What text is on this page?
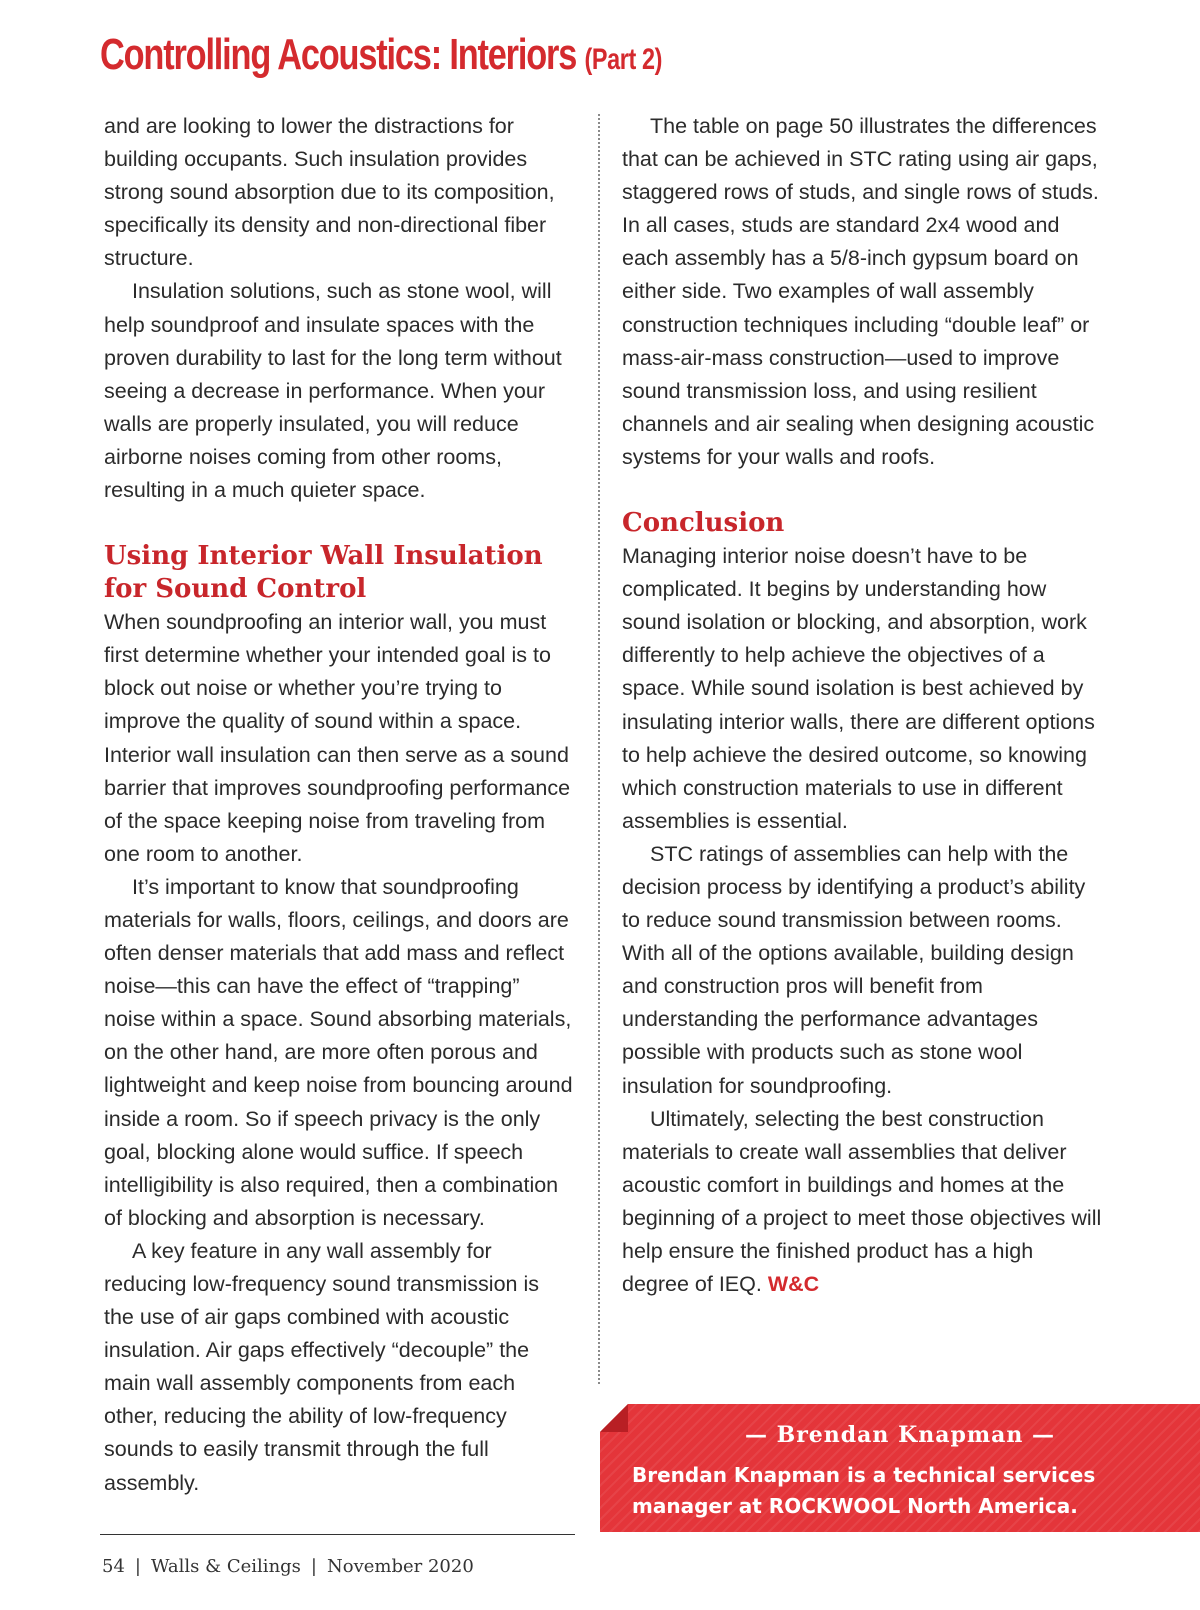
Controlling Acoustics: Interiors (Part 2)

and are looking to lower the distractions for building occupants. Such insulation provides strong sound absorption due to its composition, specifically its density and non-directional fiber structure.

Insulation solutions, such as stone wool, will help soundproof and insulate spaces with the proven durability to last for the long term without seeing a decrease in performance. When your walls are properly insulated, you will reduce airborne noises coming from other rooms, resulting in a much quieter space.

Using Interior Wall Insulation for Sound Control

When soundproofing an interior wall, you must first determine whether your intended goal is to block out noise or whether you’re trying to improve the quality of sound within a space. Interior wall insulation can then serve as a sound barrier that improves soundproofing performance of the space keeping noise from traveling from one room to another.

It’s important to know that soundproofing materials for walls, floors, ceilings, and doors are often denser materials that add mass and reflect noise—this can have the effect of “trapping” noise within a space. Sound absorbing materials, on the other hand, are more often porous and lightweight and keep noise from bouncing around inside a room. So if speech privacy is the only goal, blocking alone would suffice. If speech intelligibility is also required, then a combination of blocking and absorption is necessary.

A key feature in any wall assembly for reducing low-frequency sound transmission is the use of air gaps combined with acoustic insulation. Air gaps effectively “decouple” the main wall assembly components from each other, reducing the ability of low-frequency sounds to easily transmit through the full assembly.

The table on page 50 illustrates the differences that can be achieved in STC rating using air gaps, staggered rows of studs, and single rows of studs. In all cases, studs are standard 2x4 wood and each assembly has a 5/8-inch gypsum board on either side. Two examples of wall assembly construction techniques including “double leaf” or mass-air-mass construction—used to improve sound transmission loss, and using resilient channels and air sealing when designing acoustic systems for your walls and roofs.

Conclusion

Managing interior noise doesn’t have to be complicated. It begins by understanding how sound isolation or blocking, and absorption, work differently to help achieve the objectives of a space. While sound isolation is best achieved by insulating interior walls, there are different options to help achieve the desired outcome, so knowing which construction materials to use in different assemblies is essential.

STC ratings of assemblies can help with the decision process by identifying a product’s ability to reduce sound transmission between rooms. With all of the options available, building design and construction pros will benefit from understanding the performance advantages possible with products such as stone wool insulation for soundproofing.

Ultimately, selecting the best construction materials to create wall assemblies that deliver acoustic comfort in buildings and homes at the beginning of a project to meet those objectives will help ensure the finished product has a high degree of IEQ. W&C

— Brendan Knapman —
Brendan Knapman is a technical services manager at ROCKWOOL North America.
54 | Walls & Ceilings | November 2020
